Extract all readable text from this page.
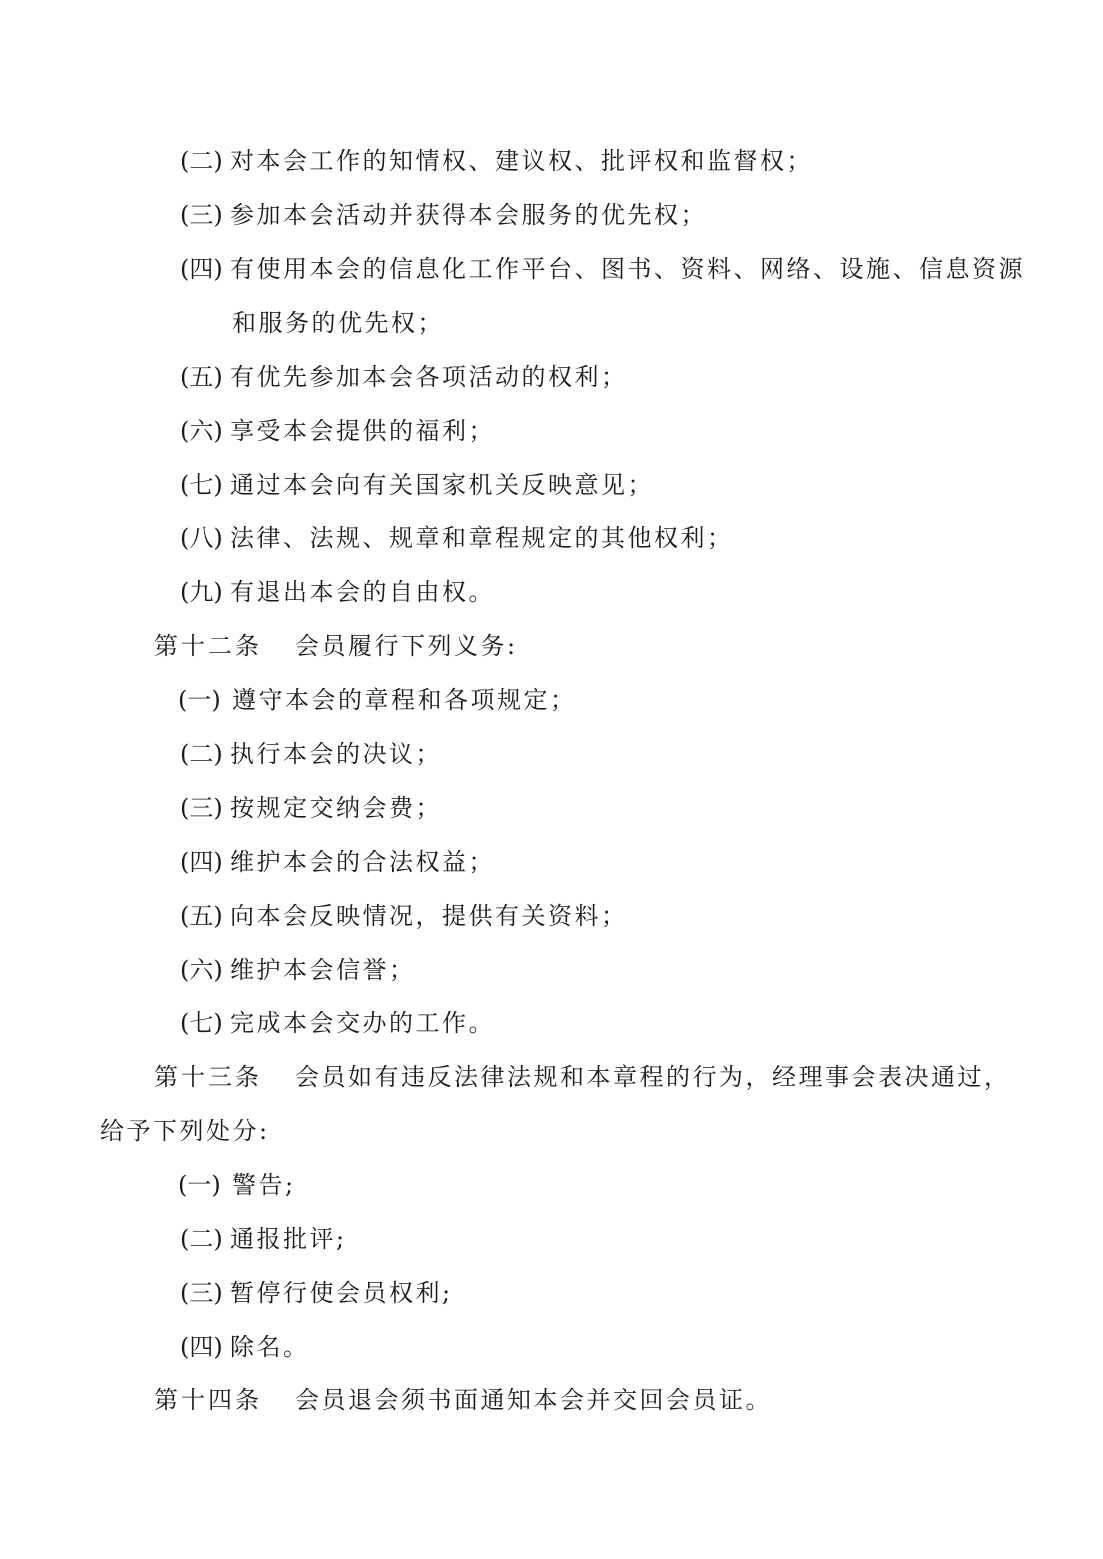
(二) 对本会工作的知情权、建议权、批评权和监督权；
(三) 参加本会活动并获得本会服务的优先权；
(四) 有使用本会的信息化工作平台、图书、资料、网络、设施、信息资源
和服务的优先权；
(五) 有优先参加本会各项活动的权利；
(六) 享受本会提供的福利；
(七) 通过本会向有关国家机关反映意见；
(八) 法律、法规、规章和章程规定的其他权利；
(九) 有退出本会的自由权。
第十二条 会员履行下列义务:
(一) 遵守本会的章程和各项规定；
(二) 执行本会的决议；
(三) 按规定交纳会费；
(四) 维护本会的合法权益；
(五) 向本会反映情况，提供有关资料；
(六) 维护本会信誉；
(七) 完成本会交办的工作。
第十三条 会员如有违反法律法规和本章程的行为，经理事会表决通过，
给予下列处分:
(一) 警告;
(二) 通报批评;
(三) 暂停行使会员权利;
(四) 除名。
第十四条 会员退会须书面通知本会并交回会员证。
